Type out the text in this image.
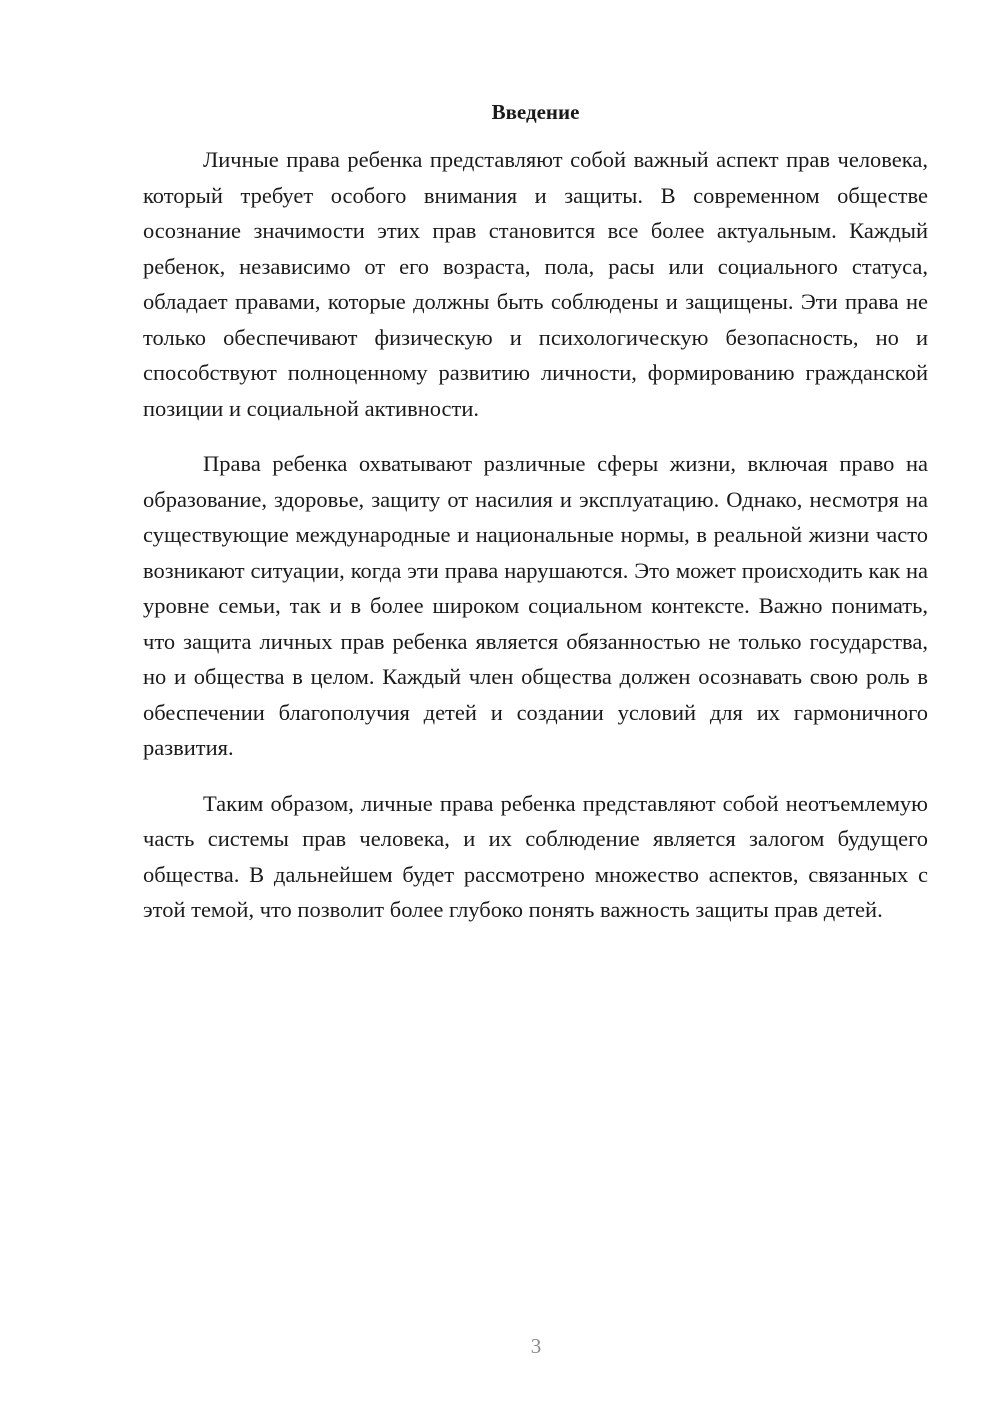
Введение

Личные права ребенка представляют собой важный аспект прав человека, который требует особого внимания и защиты. В современном обществе осознание значимости этих прав становится все более актуальным. Каждый ребенок, независимо от его возраста, пола, расы или социального статуса, обладает правами, которые должны быть соблюдены и защищены. Эти права не только обеспечивают физическую и психологическую безопасность, но и способствуют полноценному развитию личности, формированию гражданской позиции и социальной активности.

Права ребенка охватывают различные сферы жизни, включая право на образование, здоровье, защиту от насилия и эксплуатацию. Однако, несмотря на существующие международные и национальные нормы, в реальной жизни часто возникают ситуации, когда эти права нарушаются. Это может происходить как на уровне семьи, так и в более широком социальном контексте. Важно понимать, что защита личных прав ребенка является обязанностью не только государства, но и общества в целом. Каждый член общества должен осознавать свою роль в обеспечении благополучия детей и создании условий для их гармоничного развития.

Таким образом, личные права ребенка представляют собой неотъемлемую часть системы прав человека, и их соблюдение является залогом будущего общества. В дальнейшем будет рассмотрено множество аспектов, связанных с этой темой, что позволит более глубоко понять важность защиты прав детей.

3
